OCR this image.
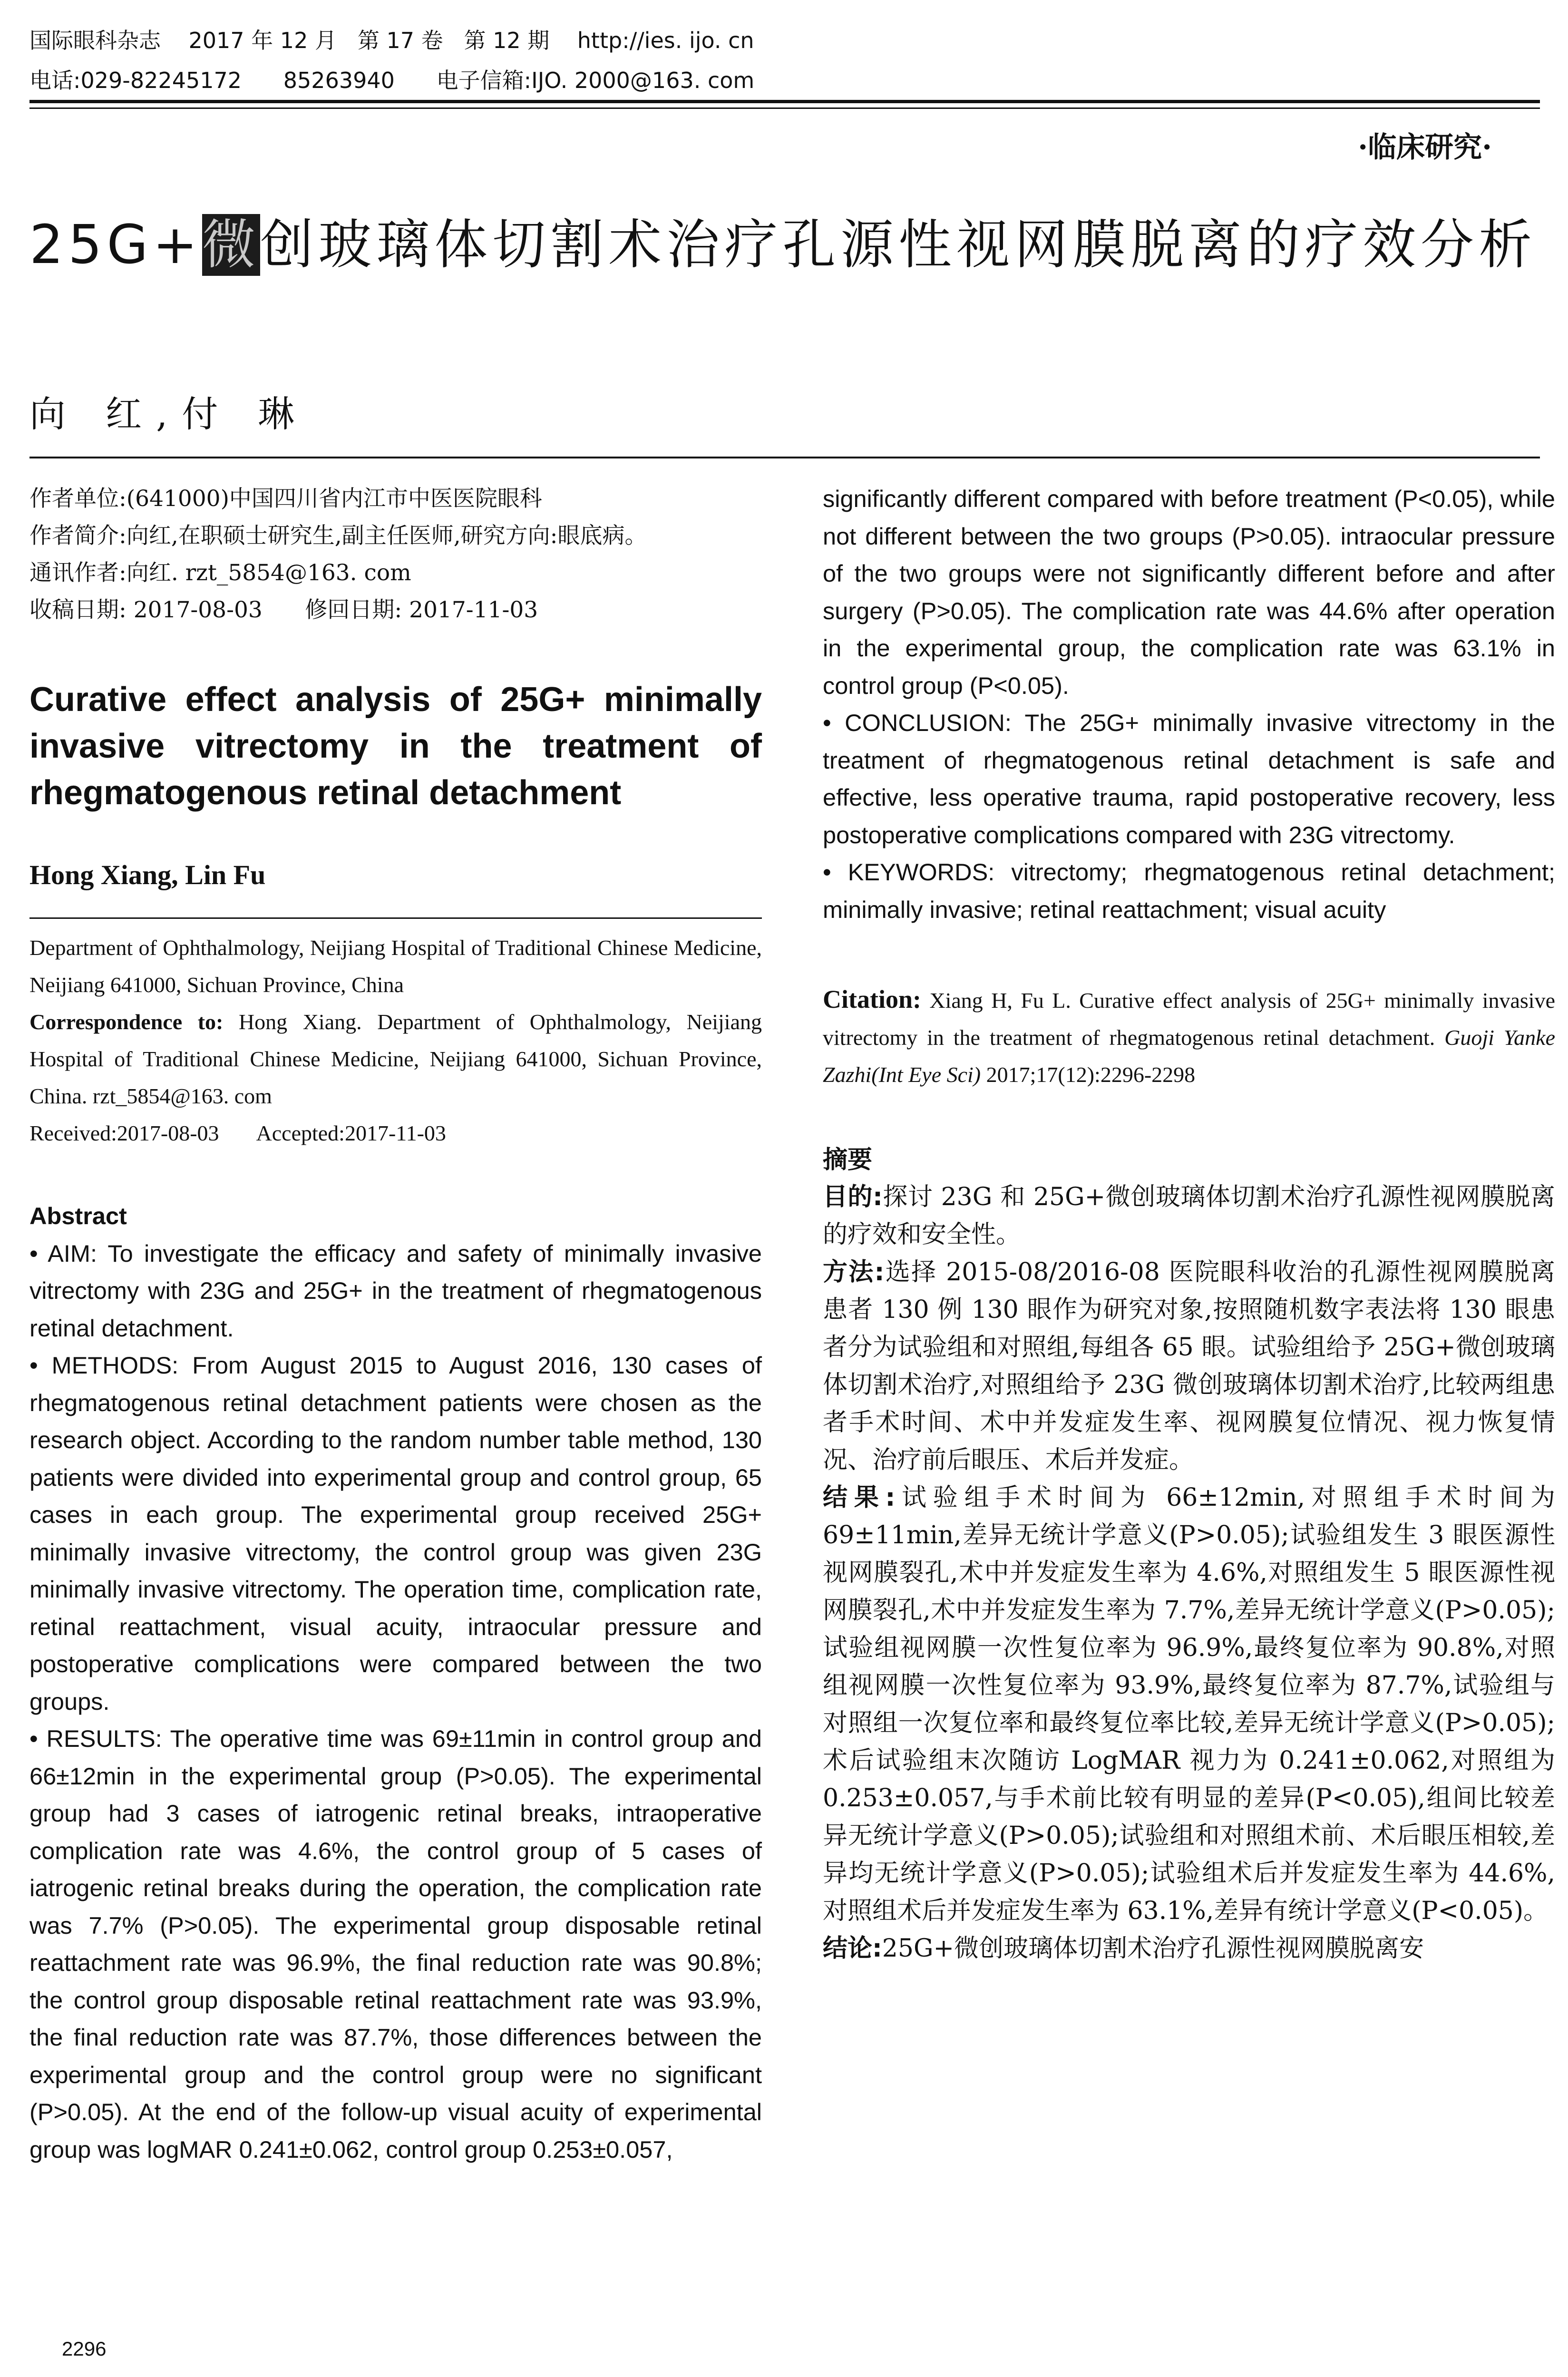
国际眼科杂志 2017 年 12 月   第 17 卷   第 12 期 http://ies. ijo. cn
电话:029-82245172 85263940 电子信箱:IJO. 2000@163. com
·临床研究·
25G+微创玻璃体切割术治疗孔源性视网膜脱离的疗效分析
向 红,付 琳

作者单位:(641000)中国四川省内江市中医医院眼科

作者简介:向红,在职硕士研究生,副主任医师,研究方向:眼底病。

通讯作者:向红. rzt_5854@163. com

收稿日期: 2017-08-03      修回日期: 2017-11-03

Curative effect analysis of 25G+ minimally invasive vitrectomy in the treatment of rhegmatogenous retinal detachment

Hong Xiang, Lin Fu

Department of Ophthalmology, Neijiang Hospital of Traditional Chinese Medicine, Neijiang 641000, Sichuan Province, China

Correspondence to: Hong Xiang. Department of Ophthalmology, Neijiang Hospital of Traditional Chinese Medicine, Neijiang 641000, Sichuan Province, China. rzt_5854@163. com

Received:2017-08-03       Accepted:2017-11-03

Abstract

• AIM: To investigate the efficacy and safety of minimally invasive vitrectomy with 23G and 25G+ in the treatment of rhegmatogenous retinal detachment.

• METHODS: From August 2015 to August 2016, 130 cases of rhegmatogenous retinal detachment patients were chosen as the research object. According to the random number table method, 130 patients were divided into experimental group and control group, 65 cases in each group. The experimental group received 25G+ minimally invasive vitrectomy, the control group was given 23G minimally invasive vitrectomy. The operation time, complication rate, retinal reattachment, visual acuity, intraocular pressure and postoperative complications were compared between the two groups.

• RESULTS: The operative time was 69±11min in control group and 66±12min in the experimental group (P>0.05). The experimental group had 3 cases of iatrogenic retinal breaks, intraoperative complication rate was 4.6%, the control group of 5 cases of iatrogenic retinal breaks during the operation, the complication rate was 7.7% (P>0.05). The experimental group disposable retinal reattachment rate was 96.9%, the final reduction rate was 90.8%; the control group disposable retinal reattachment rate was 93.9%, the final reduction rate was 87.7%, those differences between the experimental group and the control group were no significant (P>0.05). At the end of the follow-up visual acuity of experimental group was logMAR 0.241±0.062, control group 0.253±0.057,

significantly different compared with before treatment (P<0.05), while not different between the two groups (P>0.05). intraocular pressure of the two groups were not significantly different before and after surgery (P>0.05). The complication rate was 44.6% after operation in the experimental group, the complication rate was 63.1% in control group (P<0.05).

• CONCLUSION: The 25G+ minimally invasive vitrectomy in the treatment of rhegmatogenous retinal detachment is safe and effective, less operative trauma, rapid postoperative recovery, less postoperative complications compared with 23G vitrectomy.

• KEYWORDS: vitrectomy; rhegmatogenous retinal detachment; minimally invasive; retinal reattachment; visual acuity

Citation: Xiang H, Fu L. Curative effect analysis of 25G+ minimally invasive vitrectomy in the treatment of rhegmatogenous retinal detachment. Guoji Yanke Zazhi(Int Eye Sci) 2017;17(12):2296-2298

摘要

目的:探讨 23G 和 25G+微创玻璃体切割术治疗孔源性视网膜脱离的疗效和安全性。

方法:选择 2015-08/2016-08 医院眼科收治的孔源性视网膜脱离患者 130 例 130 眼作为研究对象,按照随机数字表法将 130 眼患者分为试验组和对照组,每组各 65 眼。试验组给予 25G+微创玻璃体切割术治疗,对照组给予 23G 微创玻璃体切割术治疗,比较两组患者手术时间、术中并发症发生率、视网膜复位情况、视力恢复情况、治疗前后眼压、术后并发症。

结果:试验组手术时间为 66±12min,对照组手术时间为 69±11min,差异无统计学意义(P>0.05);试验组发生 3 眼医源性视网膜裂孔,术中并发症发生率为 4.6%,对照组发生 5 眼医源性视网膜裂孔,术中并发症发生率为 7.7%,差异无统计学意义(P>0.05);试验组视网膜一次性复位率为 96.9%,最终复位率为 90.8%,对照组视网膜一次性复位率为 93.9%,最终复位率为 87.7%,试验组与对照组一次复位率和最终复位率比较,差异无统计学意义(P>0.05);术后试验组末次随访 LogMAR 视力为 0.241±0.062,对照组为 0.253±0.057,与手术前比较有明显的差异(P<0.05),组间比较差异无统计学意义(P>0.05);试验组和对照组术前、术后眼压相较,差异均无统计学意义(P>0.05);试验组术后并发症发生率为 44.6%,对照组术后并发症发生率为 63.1%,差异有统计学意义(P<0.05)。

结论:25G+微创玻璃体切割术治疗孔源性视网膜脱离安

2296
